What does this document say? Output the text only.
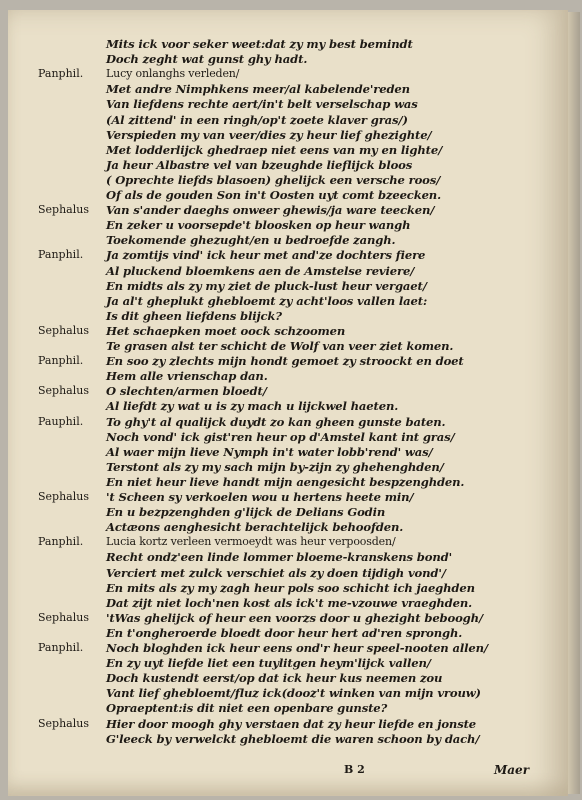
Mits ick voor seker weet:dat zy my best bemindt
Doch zeght wat gunst ghy hadt.
Panphil. Lucy onlanghs verleden/
Met andre Nimphkens meer/al kabelende'reden
Van liefdens rechte aert/in't belt verselschap was
(Al zittend' in een ringh/op't zoete klaver gras/)
Verspieden my van veer/dies zy heur lief ghezighte/
Met lodderlijck ghedraep niet eens van my en lighte/
Ja heur Albastre vel van bzeughde lieflijck bloos
( Oprechte liefds blasoen) ghelijck een versche roos/
Of als de gouden Son in't Oosten uyt comt bzeecken.
Sephalus Van s'ander daeghs onweer ghewis/ja ware teecken/
En zeker u voorsepde't bloosken op heur wangh
Toekomende ghezught/en u bedroefde zangh.
Panphil. Ja zomtijs vind' ick heur met and'ze dochters fiere
Al pluckend bloemkens aen de Amstelse reviere/
En midts als zy my ziet de pluck-lust heur vergaet/
Ja al't gheplukt ghebloemt zy acht'loos vallen laet:
Is dit gheen liefdens blijck?
Sephalus Het schaepken moet oock schzoomen
Te grasen alst ter schicht de Wolf van veer ziet komen.
Panphil. En soo zy zlechts mijn hondt gemoet zy stroockt en doet
Hem alle vrienschap dan.
Sephalus O slechten/armen bloedt/
Al liefdt zy wat u is zy mach u lijckwel haeten.
Pauphil. To ghy't al qualijck duydt zo kan gheen gunste baten.
Noch vond' ick gist'ren heur op d'Amstel kant int gras/
Al waer mijn lieve Nymph in't water lobb'rend' was/
Terstont als zy my sach mijn by-zijn zy ghehenghden/
En niet heur lieve handt mijn aengesicht bespzenghden.
Sephalus 't Scheen sy verkoelen wou u hertens heete min/
En u bezpzenghden g'lijck de Delians Godin
Actæons aenghesicht berachtelijck behoofden.
Panphil. Lucia kortz verleen vermoeydt was heur verpoosden/
Recht ondz'een linde lommer bloeme-kranskens bond'
Verciert met zulck verschiet als zy doen tijdigh vond'/
En mits als zy my zagh heur pols soo schicht ich jaeghden
Dat zijt niet loch'nen kost als ick't me-vzouwe vraeghden.
Sephalus 'tWas ghelijck of heur een voorzs door u ghezight beboogh/
En t'ongheroerde bloedt door heur hert ad'ren sprongh.
Panphil. Noch bloghden ick heur eens ond'r heur speel-nooten allen/
En zy uyt liefde liet een tuylitgen heym'lijck vallen/
Doch kustendt eerst/op dat ick heur kus neemen zou
Vant lief ghebloemt/fluz ick(dooz't winken van mijn vrouw)
Opraeptent:is dit niet een openbare gunste?
Sephalus Hier door moogh ghy verstaen dat zy heur liefde en jonste
G'leeck by verwelckt ghebloemt die waren schoon by dach/
B 2	Maer
